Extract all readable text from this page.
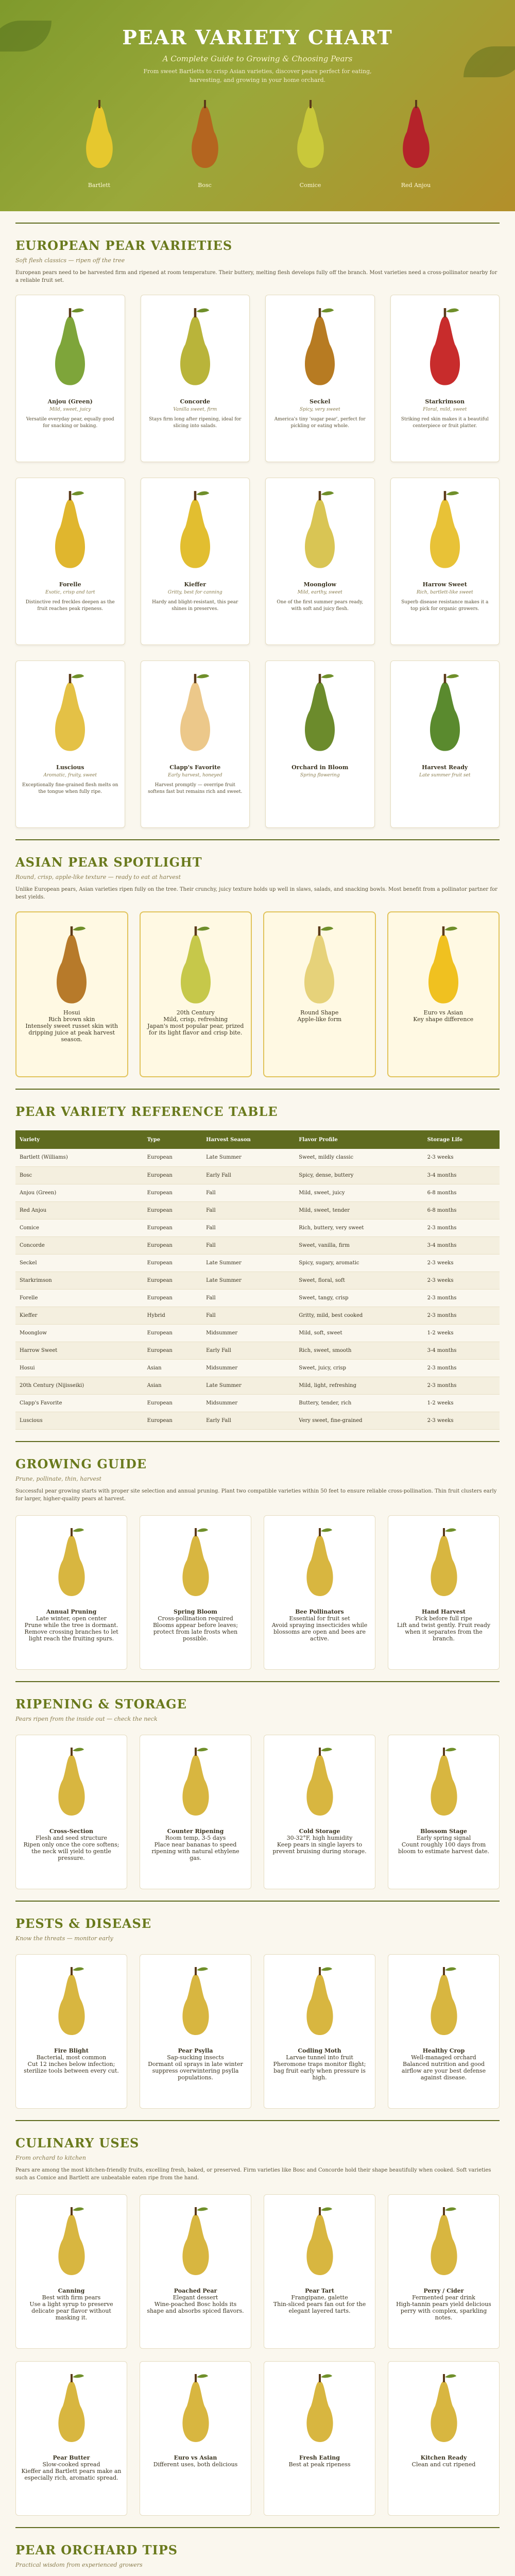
PEAR VARIETY CHART
A Complete Guide to Growing & Choosing Pears
From sweet Bartletts to crisp Asian varieties, discover pears perfect for eating,
harvesting, and growing in your home orchard.
Bartlett	Bosc	Comice	Red Anjou
EUROPEAN PEAR VARIETIES
Soft flesh classics — ripen off the tree
European pears need to be harvested firm and ripened at room temperature. Their buttery, melting flesh develops fully off the branch. Most varieties need a cross-pollinator nearby for a reliable fruit set.
Anjou (Green)
Mild, sweet, juicy
Versatile everyday pear, equally good for snacking or baking.
Concorde
Vanilla sweet, firm
Stays firm long after ripening, ideal for slicing into salads.
Seckel
Spicy, very sweet
America's tiny 'sugar pear', perfect for pickling or eating whole.
Starkrimson
Floral, mild, sweet
Striking red skin makes it a beautiful centerpiece or fruit platter.
Forelle
Exotic, crisp and tart
Distinctive red freckles deepen as the fruit reaches peak ripeness.
Kieffer
Gritty, best for canning
Hardy and blight-resistant, this pear shines in preserves.
Moonglow
Mild, earthy, sweet
One of the first summer pears ready, with soft and juicy flesh.
Harrow Sweet
Rich, bartlett-like sweet
Superb disease resistance makes it a top pick for organic growers.
Luscious
Aromatic, fruity, sweet
Exceptionally fine-grained flesh melts on the tongue when fully ripe.
Clapp's Favorite
Early harvest, honeyed
Harvest promptly — overripe fruit softens fast but remains rich and sweet.
Orchard in Bloom
Spring flowering
Harvest Ready
Late summer fruit set
ASIAN PEAR SPOTLIGHT
Round, crisp, apple-like texture — ready to eat at harvest
Unlike European pears, Asian varieties ripen fully on the tree. Their crunchy, juicy texture holds up well in slaws, salads, and snacking bowls. Most benefit from a pollinator partner for best yields.
Hosui
Rich brown skin
Intensely sweet russet skin with dripping juice at peak harvest season.
20th Century
Mild, crisp, refreshing
Japan's most popular pear, prized for its light flavor and crisp bite.
Round Shape
Apple-like form
Euro vs Asian
Key shape difference
PEAR VARIETY REFERENCE TABLE
Variety	Type	Harvest Season	Flavor Profile	Storage Life
Bartlett (Williams)	European	Late Summer	Sweet, mildly classic	2-3 weeks
Bosc	European	Early Fall	Spicy, dense, buttery	3-4 months
Anjou (Green)	European	Fall	Mild, sweet, juicy	6-8 months
Red Anjou	European	Fall	Mild, sweet, tender	6-8 months
Comice	European	Fall	Rich, buttery, very sweet	2-3 months
Concorde	European	Fall	Sweet, vanilla, firm	3-4 months
Seckel	European	Late Summer	Spicy, sugary, aromatic	2-3 weeks
Starkrimson	European	Late Summer	Sweet, floral, soft	2-3 weeks
Forelle	European	Fall	Sweet, tangy, crisp	2-3 months
Kieffer	Hybrid	Fall	Gritty, mild, best cooked	2-3 months
Moonglow	European	Midsummer	Mild, soft, sweet	1-2 weeks
Harrow Sweet	European	Early Fall	Rich, sweet, smooth	3-4 months
Hosui	Asian	Midsummer	Sweet, juicy, crisp	2-3 months
20th Century (Nijisseiki)	Asian	Late Summer	Mild, light, refreshing	2-3 months
Clapp's Favorite	European	Midsummer	Buttery, tender, rich	1-2 weeks
Luscious	European	Early Fall	Very sweet, fine-grained	2-3 weeks
GROWING GUIDE
Prune, pollinate, thin, harvest
Successful pear growing starts with proper site selection and annual pruning. Plant two compatible varieties within 50 feet to ensure reliable cross-pollination. Thin fruit clusters early for larger, higher-quality pears at harvest.
Annual Pruning
Late winter, open center
Prune while the tree is dormant. Remove crossing branches to let light reach the fruiting spurs.
Spring Bloom
Cross-pollination required
Blooms appear before leaves; protect from late frosts when possible.
Bee Pollinators
Essential for fruit set
Avoid spraying insecticides while blossoms are open and bees are active.
Hand Harvest
Pick before full ripe
Lift and twist gently. Fruit ready when it separates from the branch.
RIPENING & STORAGE
Pears ripen from the inside out — check the neck
Cross-Section
Flesh and seed structure
Ripen only once the core softens; the neck will yield to gentle pressure.
Counter Ripening
Room temp, 3-5 days
Place near bananas to speed ripening with natural ethylene gas.
Cold Storage
30-32°F, high humidity
Keep pears in single layers to prevent bruising during storage.
Blossom Stage
Early spring signal
Count roughly 100 days from bloom to estimate harvest date.
PESTS & DISEASE
Know the threats — monitor early
Fire Blight
Bacterial, most common
Cut 12 inches below infection; sterilize tools between every cut.
Pear Psylla
Sap-sucking insects
Dormant oil sprays in late winter suppress overwintering psylla populations.
Codling Moth
Larvae tunnel into fruit
Pheromone traps monitor flight; bag fruit early when pressure is high.
Healthy Crop
Well-managed orchard
Balanced nutrition and good airflow are your best defense against disease.
CULINARY USES
From orchard to kitchen
Pears are among the most kitchen-friendly fruits, excelling fresh, baked, or preserved. Firm varieties like Bosc and Concorde hold their shape beautifully when cooked. Soft varieties such as Comice and Bartlett are unbeatable eaten ripe from the hand.
Canning
Best with firm pears
Use a light syrup to preserve delicate pear flavor without masking it.
Poached Pear
Elegant dessert
Wine-poached Bosc holds its shape and absorbs spiced flavors.
Pear Tart
Frangipane, galette
Thin-sliced pears fan out for the elegant layered tarts.
Perry / Cider
Fermented pear drink
High-tannin pears yield delicious perry with complex, sparkling notes.
Pear Butter
Slow-cooked spread
Kieffer and Bartlett pears make an especially rich, aromatic spread.
Euro vs Asian
Different uses, both delicious
Fresh Eating
Best at peak ripeness
Kitchen Ready
Clean and cut ripened
PEAR ORCHARD TIPS
Practical wisdom from experienced growers
